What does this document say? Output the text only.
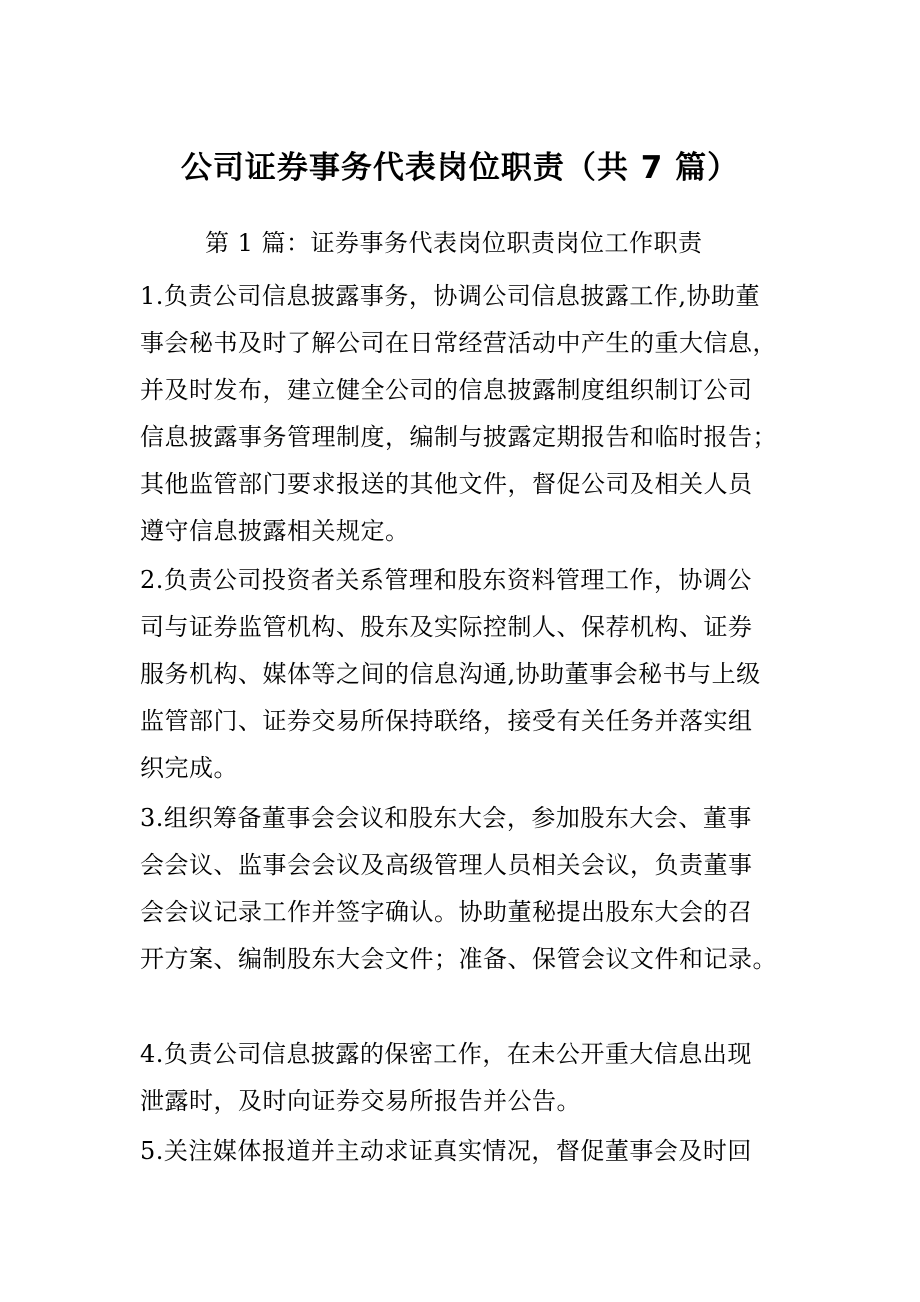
公司证券事务代表岗位职责（共 7 篇）
第 1 篇：证券事务代表岗位职责岗位工作职责
1.负责公司信息披露事务，协调公司信息披露工作,协助董
事会秘书及时了解公司在日常经营活动中产生的重大信息，
并及时发布，建立健全公司的信息披露制度组织制订公司
信息披露事务管理制度，编制与披露定期报告和临时报告；
其他监管部门要求报送的其他文件，督促公司及相关人员
遵守信息披露相关规定。
2.负责公司投资者关系管理和股东资料管理工作，协调公
司与证券监管机构、股东及实际控制人、保荐机构、证券
服务机构、媒体等之间的信息沟通,协助董事会秘书与上级
监管部门、证券交易所保持联络，接受有关任务并落实组
织完成。
3.组织筹备董事会会议和股东大会，参加股东大会、董事
会会议、监事会会议及高级管理人员相关会议，负责董事
会会议记录工作并签字确认。协助董秘提出股东大会的召
开方案、编制股东大会文件；准备、保管会议文件和记录。
4.负责公司信息披露的保密工作，在未公开重大信息出现
泄露时，及时向证券交易所报告并公告。
5.关注媒体报道并主动求证真实情况，督促董事会及时回
